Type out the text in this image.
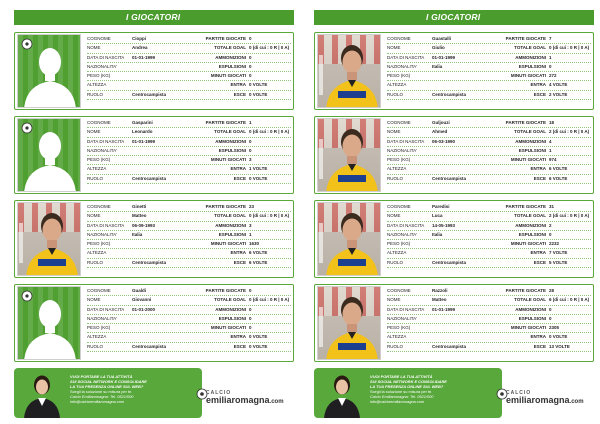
I GIOCATORI
COGNOME	Cioppi	PARTITE GIOCATE 0
NOME	Andrea	TOTALE GOAL 0 (di cui : 0 R | 0 A)
DATA DI NASCITA	01-01-1999	AMMONIZIONI 0
NAZIONALITA'	ESPULSIONI 0
PESO (KG)	MINUTI GIOCATI 0
ALTEZZA	ENTRA 0 VOLTE
RUOLO	Centrocampista	ESCE 0 VOLTE
COGNOME	Gasparini	PARTITE GIOCATE 1
NOME	Leonardo	TOTALE GOAL 0 (di cui : 0 R | 0 A)
DATA DI NASCITA	01-01-1999	AMMONIZIONI 0
NAZIONALITA'	ESPULSIONI 0
PESO (KG)	MINUTI GIOCATI 3
ALTEZZA	ENTRA 1 VOLTE
RUOLO	Centrocampista	ESCE 0 VOLTE
COGNOME	Ginetti	PARTITE GIOCATE 23
NOME	Matteo	TOTALE GOAL 0 (di cui : 0 R | 0 A)
DATA DI NASCITA	06-09-1993	AMMONIZIONI 3
NAZIONALITA'	Italia	ESPULSIONI 1
PESO (KG)	MINUTI GIOCATI 1630
ALTEZZA	ENTRA 6 VOLTE
RUOLO	Centrocampista	ESCE 6 VOLTE
COGNOME	Gualdi	PARTITE GIOCATE 0
NOME	Giovanni	TOTALE GOAL 0 (di cui : 0 R | 0 A)
DATA DI NASCITA	01-01-2000	AMMONIZIONI 0
NAZIONALITA'	ESPULSIONI 0
PESO (KG)	MINUTI GIOCATI 0
ALTEZZA	ENTRA 0 VOLTE
RUOLO	Centrocampista	ESCE 0 VOLTE
VUOI PORTARE LA TUA ATTIVITÀ
SUI SOCIAL NETWORK E CONSOLIDARE
LA TUA PRESENZA ONLINE SUL WEB?
Scegli la soluzione su misura per te.
Calcio Emiliaromagna: Tel. 0521/000
info@calcioemiliaromagna.com
CALCIO
emiliaromagna.com
I GIOCATORI
COGNOME	Guastalli	PARTITE GIOCATE 7
NOME	Giulio	TOTALE GOAL 0 (di cui : 0 R | 0 A)
DATA DI NASCITA	01-01-1999	AMMONIZIONI 1
NAZIONALITA'	Italia	ESPULSIONI 0
PESO (KG)	MINUTI GIOCATI 272
ALTEZZA	ENTRA 4 VOLTE
RUOLO	Centrocampista	ESCE 2 VOLTE
COGNOME	Guljouzi	PARTITE GIOCATE 18
NOME	Ahmed	TOTALE GOAL 2 (di cui : 0 R | 0 A)
DATA DI NASCITA	06-03-1990	AMMONIZIONI 4
NAZIONALITA'	ESPULSIONI 1
PESO (KG)	MINUTI GIOCATI 974
ALTEZZA	ENTRA 6 VOLTE
RUOLO	Centrocampista	ESCE 6 VOLTE
COGNOME	Paredisi	PARTITE GIOCATE 31
NOME	Luca	TOTALE GOAL 2 (di cui : 0 R | 0 A)
DATA DI NASCITA	14-05-1993	AMMONIZIONI 2
NAZIONALITA'	Italia	ESPULSIONI 0
PESO (KG)	MINUTI GIOCATI 2232
ALTEZZA	ENTRA 7 VOLTE
RUOLO	Centrocampista	ESCE 5 VOLTE
COGNOME	Razzoli	PARTITE GIOCATE 28
NOME	Matteo	TOTALE GOAL 6 (di cui : 0 R | 0 A)
DATA DI NASCITA	01-01-1999	AMMONIZIONI 0
NAZIONALITA'	ESPULSIONI 0
PESO (KG)	MINUTI GIOCATI 2305
ALTEZZA	ENTRA 0 VOLTE
RUOLO	Centrocampista	ESCE 13 VOLTE
VUOI PORTARE LA TUA ATTIVITÀ
SUI SOCIAL NETWORK E CONSOLIDARE
LA TUA PRESENZA ONLINE SUL WEB?
Scegli la soluzione su misura per te.
Calcio Emiliaromagna: Tel. 0521/000
info@calcioemiliaromagna.com
CALCIO
emiliaromagna.com
